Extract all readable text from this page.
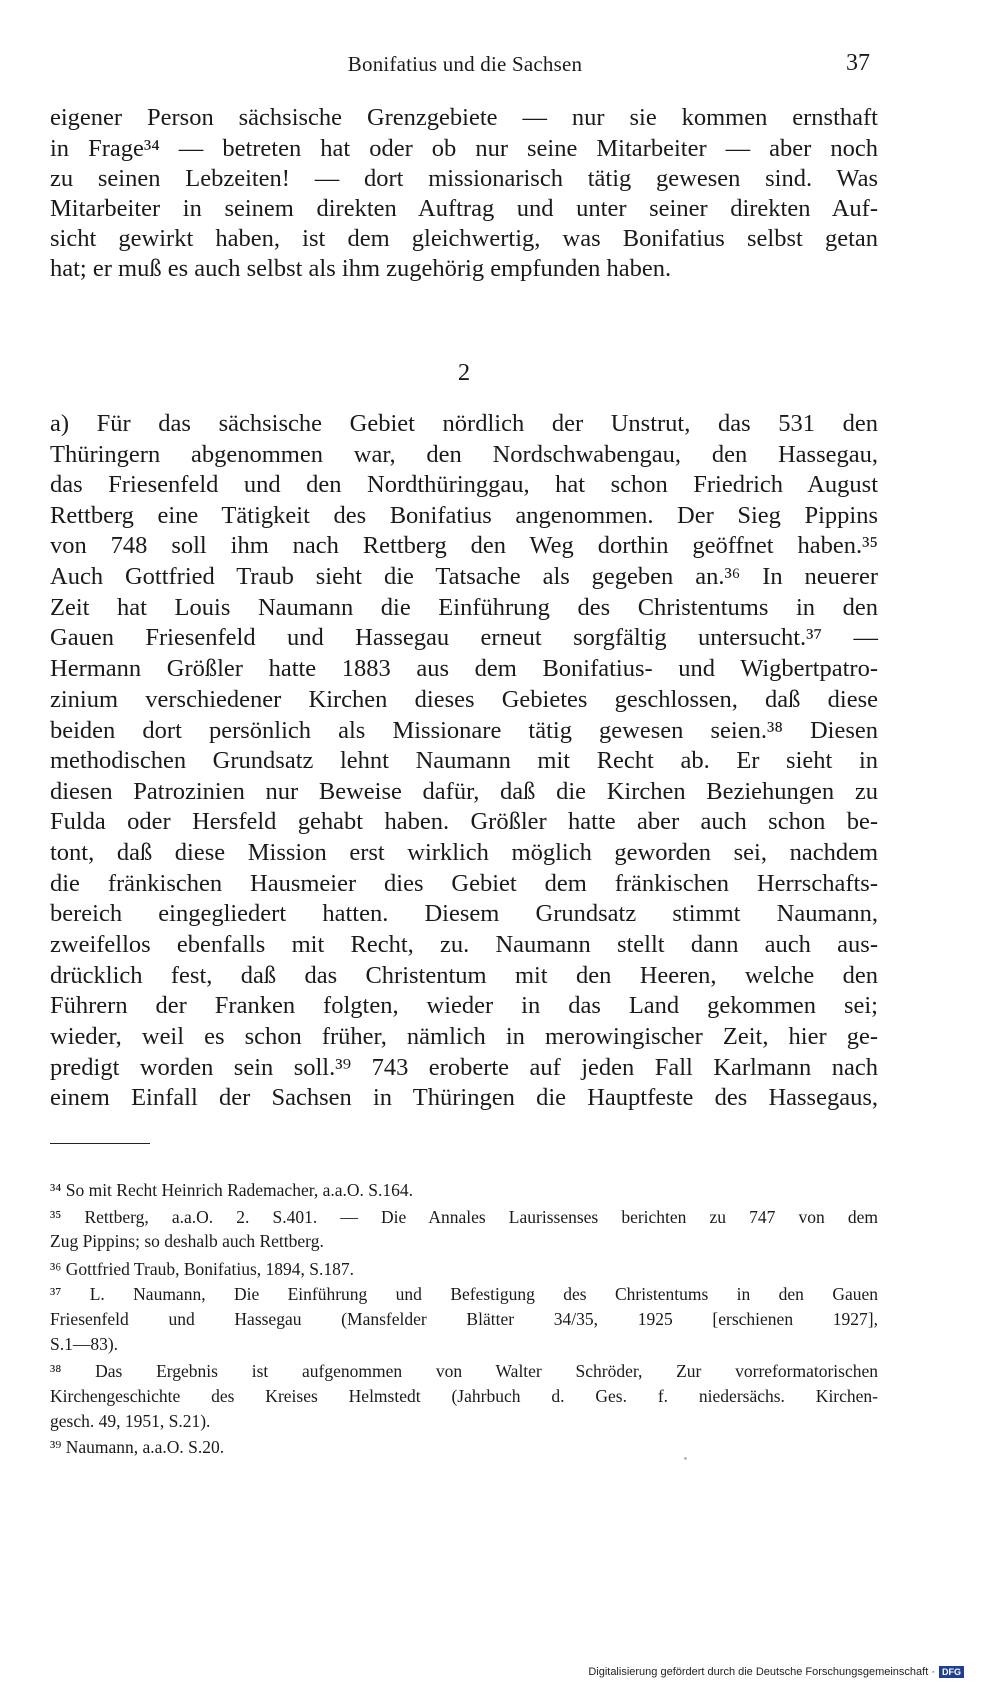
Bonifatius und die Sachsen	37
eigener Person sächsische Grenzgebiete — nur sie kommen ernsthaft
in Frage³⁴ — betreten hat oder ob nur seine Mitarbeiter — aber noch
zu seinen Lebzeiten! — dort missionarisch tätig gewesen sind. Was
Mitarbeiter in seinem direkten Auftrag und unter seiner direkten Auf-
sicht gewirkt haben, ist dem gleichwertig, was Bonifatius selbst getan
hat; er muß es auch selbst als ihm zugehörig empfunden haben.
2
a) Für das sächsische Gebiet nördlich der Unstrut, das 531 den
Thüringern abgenommen war, den Nordschwabengau, den Hassegau,
das Friesenfeld und den Nordthüringgau, hat schon Friedrich August
Rettberg eine Tätigkeit des Bonifatius angenommen. Der Sieg Pippins
von 748 soll ihm nach Rettberg den Weg dorthin geöffnet haben.³⁵
Auch Gottfried Traub sieht die Tatsache als gegeben an.³⁶ In neuerer
Zeit hat Louis Naumann die Einführung des Christentums in den
Gauen Friesenfeld und Hassegau erneut sorgfältig untersucht.³⁷ —
Hermann Größler hatte 1883 aus dem Bonifatius- und Wigbertpatro-
zinium verschiedener Kirchen dieses Gebietes geschlossen, daß diese
beiden dort persönlich als Missionare tätig gewesen seien.³⁸ Diesen
methodischen Grundsatz lehnt Naumann mit Recht ab. Er sieht in
diesen Patrozinien nur Beweise dafür, daß die Kirchen Beziehungen zu
Fulda oder Hersfeld gehabt haben. Größler hatte aber auch schon be-
tont, daß diese Mission erst wirklich möglich geworden sei, nachdem
die fränkischen Hausmeier dies Gebiet dem fränkischen Herrschafts-
bereich eingegliedert hatten. Diesem Grundsatz stimmt Naumann,
zweifellos ebenfalls mit Recht, zu. Naumann stellt dann auch aus-
drücklich fest, daß das Christentum mit den Heeren, welche den
Führern der Franken folgten, wieder in das Land gekommen sei;
wieder, weil es schon früher, nämlich in merowingischer Zeit, hier ge-
predigt worden sein soll.³⁹ 743 eroberte auf jeden Fall Karlmann nach
einem Einfall der Sachsen in Thüringen die Hauptfeste des Hassegaus,
³⁴ So mit Recht Heinrich Rademacher, a.a.O. S.164.
³⁵ Rettberg, a.a.O. 2. S.401. — Die Annales Laurissenses berichten zu 747 von dem
Zug Pippins; so deshalb auch Rettberg.
³⁶ Gottfried Traub, Bonifatius, 1894, S.187.
³⁷ L. Naumann, Die Einführung und Befestigung des Christentums in den Gauen
Friesenfeld und Hassegau (Mansfelder Blätter 34/35, 1925 [erschienen 1927],
S.1—83).
³⁸ Das Ergebnis ist aufgenommen von Walter Schröder, Zur vorreformatorischen
Kirchengeschichte des Kreises Helmstedt (Jahrbuch d. Ges. f. niedersächs. Kirchen-
gesch. 49, 1951, S.21).
³⁹ Naumann, a.a.O. S.20.
Digitalisierung gefördert durch die Deutsche Forschungsgemeinschaft · DFG
